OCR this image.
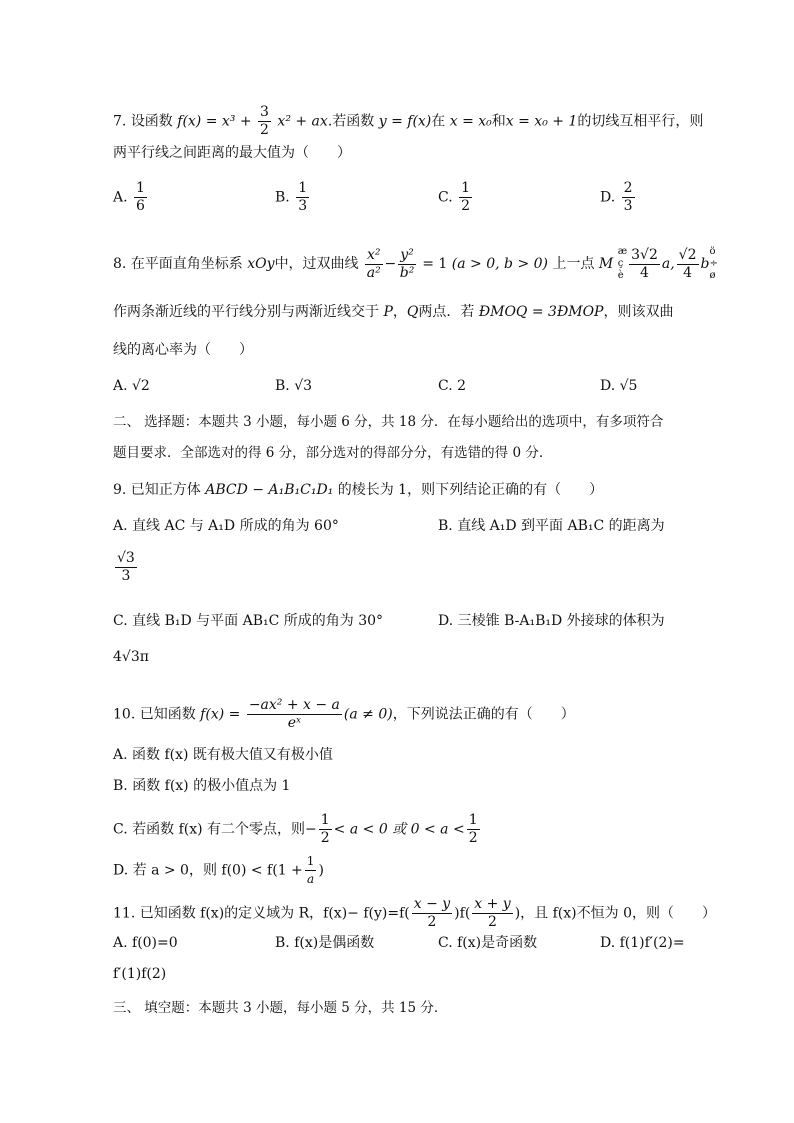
7. 设函数 $f(x) = x^3 + \frac{3}{2} x^2$ + ax.若函数 y = f(x)在 x = x₀和x = x₀ + 1的切线互相平行，则
两平行线之间距离的最大值为（　　）
A. $\frac{1}{6}$	B. $\frac{1}{3}$	C. $\frac{1}{2}$	D. $\frac{2}{3}$
8. 在平面直角坐标系 xOy中，过双曲线 $\frac{\text{x²}}{\text{a²}} - \frac{\text{y²}}{\text{b²}} = 1$ (a > 0, b > 0) 上一点 M
æ
ç
è $\frac{3√2}{4} a$, $\frac{√2}{4}$ b
ö
÷
ø
作两条渐近线的平行线分别与两渐近线交于 P，Q两点．若 ÐMOQ = 3ÐMOP，则该双曲
线的离心率为（　　）
A. √2	B. √3	C. 2	D. √5
二、 选择题：本题共 3 小题，每小题 6 分，共 18 分．在每小题给出的选项中，有多项符合
题目要求．全部选对的得 6 分，部分选对的得部分分，有选错的得 0 分．
9. 已知正方体 ABCD − A₁B₁C₁D₁ 的棱长为 1，则下列结论正确的有（　　）
A. 直线 AC 与 A₁D 所成的角为 60°	B. 直线 A₁D 到平面 AB₁C 的距离为
$\frac{√3}{3}$
C. 直线 B₁D 与平面 AB₁C 所成的角为 30°	D. 三棱锥 B-A₁B₁D 外接球的体积为
4√3π
10. 已知函数 $f(x) = \frac{\text{−ax² + x − a}}{\text{eˣ}} (a \ne 0)$，下列说法正确的有（　　）
A. 函数 f(x) 既有极大值又有极小值
B. 函数 f(x) 的极小值点为 1
C. 若函数 f(x) 有二个零点，则− $\frac{1}{2} < a < 0$ 或 $0 < a < \frac{1}{2}$
D. 若 a > 0，则 $f(0) < f(1 + \frac{1}{a}$ )
11. 已知函数 f(x)的定义域为 R，$f(x)- f(y)=f( \frac{x - y}{2} )f( \frac{x + y}{2}$ )，且 f(x)不恒为 0，则（　　）
A. f(0)=0	B. f(x)是偶函数	C. f(x)是奇函数	D. f(1)f′(2)=
f′(1)f(2)
三、 填空题：本题共 3 小题，每小题 5 分，共 15 分．
